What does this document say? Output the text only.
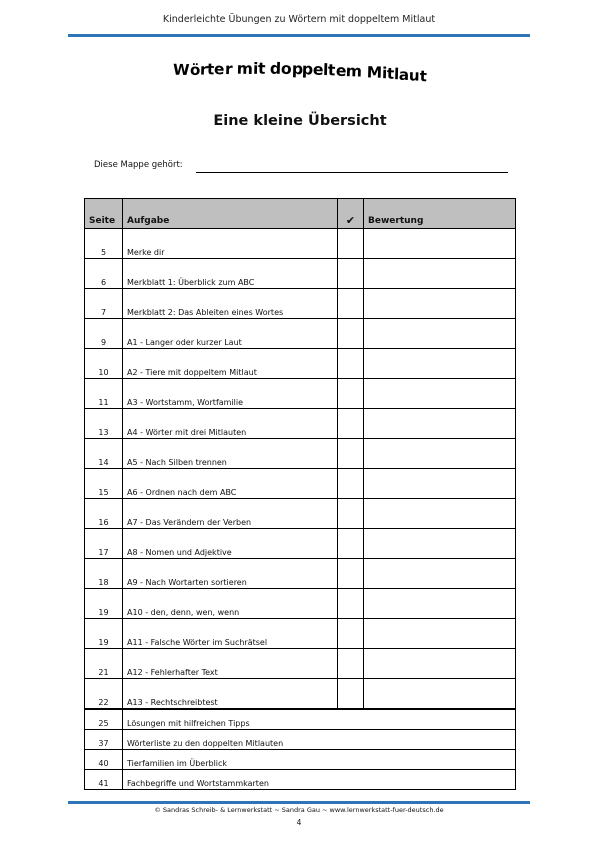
Kinderleichte Übungen zu Wörtern mit doppeltem Mitlaut
Wörter mit doppeltem Mitlaut
Eine kleine Übersicht
Diese Mappe gehört:
Seite	Aufgabe	✔	Bewertung
5	Merke dir		
6	Merkblatt 1: Überblick zum ABC		
7	Merkblatt 2: Das Ableiten eines Wortes		
9	A1 - Langer oder kurzer Laut		
10	A2 - Tiere mit doppeltem Mitlaut		
11	A3 - Wortstamm, Wortfamilie		
13	A4 - Wörter mit drei Mitlauten		
14	A5 - Nach Silben trennen		
15	A6 - Ordnen nach dem ABC		
16	A7 - Das Verändern der Verben		
17	A8 - Nomen und Adjektive		
18	A9 - Nach Wortarten sortieren		
19	A10 - den, denn, wen, wenn		
19	A11 - Falsche Wörter im Suchrätsel		
21	A12 - Fehlerhafter Text		
22	A13 - Rechtschreibtest		
25	Lösungen mit hilfreichen Tipps		
37	Wörterliste zu den doppelten Mitlauten		
40	Tierfamilien im Überblick		
41	Fachbegriffe und Wortstammkarten		
© Sandras Schreib- & Lernwerkstatt ~ Sandra Gau ~ www.lernwerkstatt-fuer-deutsch.de
4
